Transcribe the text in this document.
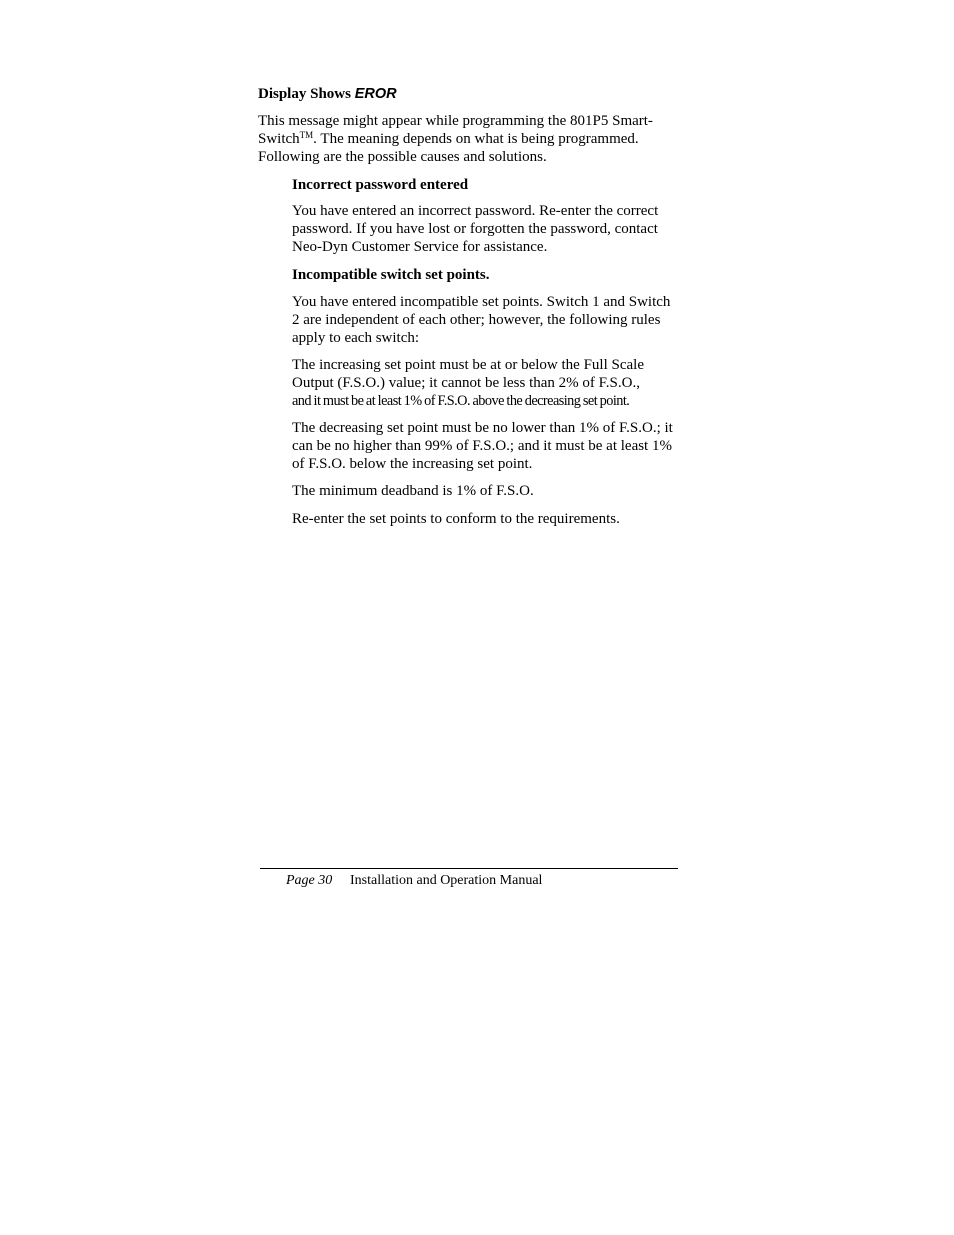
Display Shows EROR

This message might appear while programming the 801P5 Smart-Switch™. The meaning depends on what is being programmed. Following are the possible causes and solutions.

Incorrect password entered

You have entered an incorrect password. Re-enter the correct password. If you have lost or forgotten the password, contact Neo-Dyn Customer Service for assistance.

Incompatible switch set points.

You have entered incompatible set points. Switch 1 and Switch 2 are independent of each other; however, the following rules apply to each switch:

The increasing set point must be at or below the Full Scale Output (F.S.O.) value; it cannot be less than 2% of F.S.O.,
and it must be at least 1% of F.S.O. above the decreasing set point.

The decreasing set point must be no lower than 1% of F.S.O.; it can be no higher than 99% of F.S.O.; and it must be at least 1% of F.S.O. below the increasing set point.

The minimum deadband is 1% of F.S.O.

Re-enter the set points to conform to the requirements.

Page 30 Installation and Operation Manual
